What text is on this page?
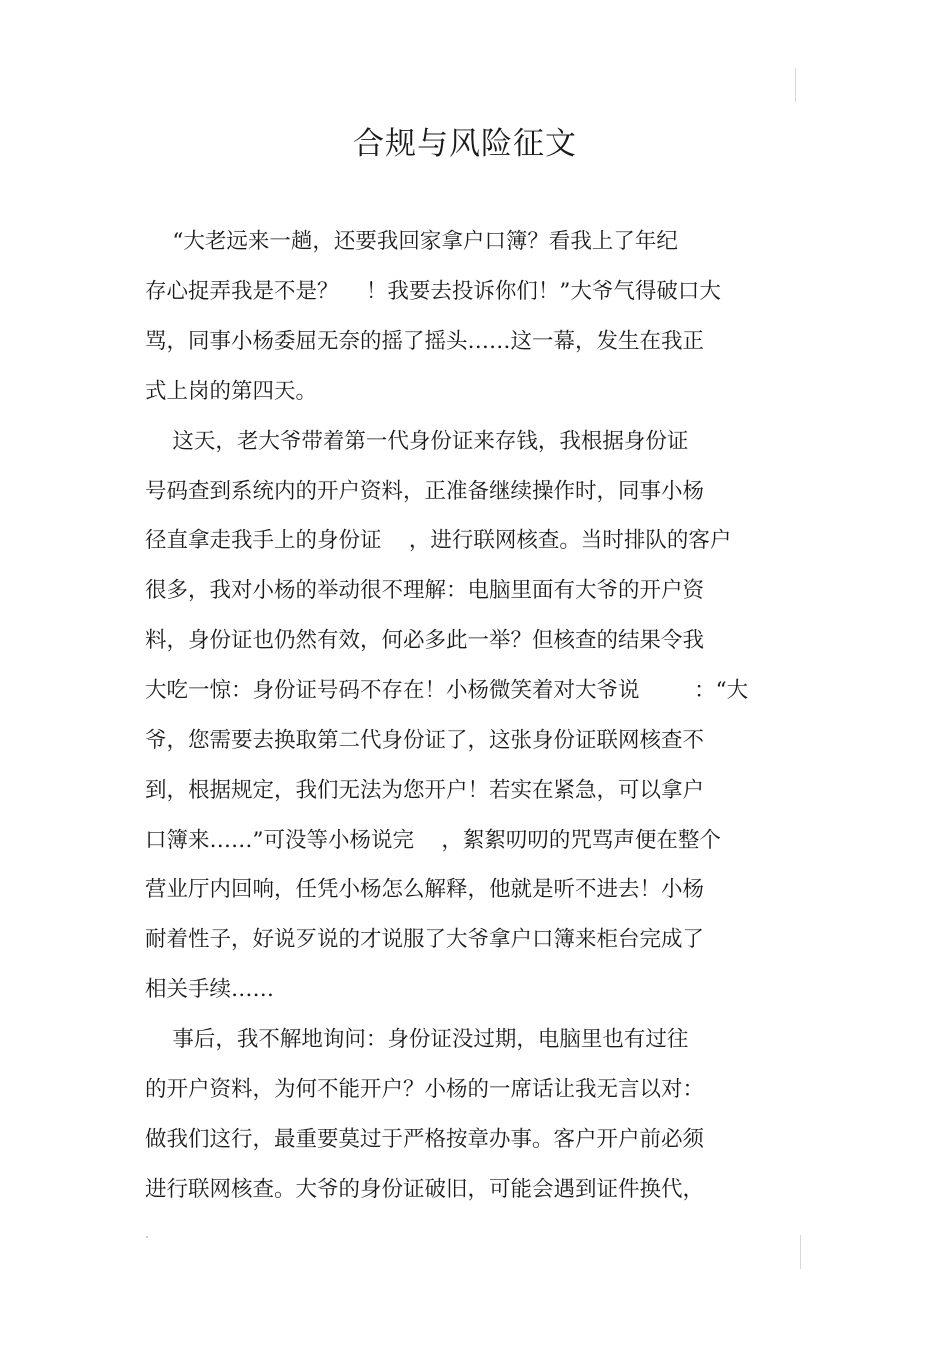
合规与风险征文
“大老远来一趟，还要我回家拿户口簿？看我上了年纪
存心捉弄我是不是？    ！我要去投诉你们！”大爷气得破口大
骂，同事小杨委屈无奈的摇了摇头……这一幕，发生在我正
式上岗的第四天。
这天，老大爷带着第一代身份证来存钱，我根据身份证
号码查到系统内的开户资料，正准备继续操作时，同事小杨
径直拿走我手上的身份证    ，进行联网核查。当时排队的客户
很多，我对小杨的举动很不理解：电脑里面有大爷的开户资
料，身份证也仍然有效，何必多此一举？但核查的结果令我
大吃一惊：身份证号码不存在！小杨微笑着对大爷说        ：“大
爷，您需要去换取第二代身份证了，这张身份证联网核查不
到，根据规定，我们无法为您开户！若实在紧急，可以拿户
口簿来……”可没等小杨说完    ，絮絮叨叨的咒骂声便在整个
营业厅内回响，任凭小杨怎么解释，他就是听不进去！小杨
耐着性子，好说歹说的才说服了大爷拿户口簿来柜台完成了
相关手续……
事后，我不解地询问：身份证没过期，电脑里也有过往
的开户资料，为何不能开户？小杨的一席话让我无言以对：
做我们这行，最重要莫过于严格按章办事。客户开户前必须
进行联网核查。大爷的身份证破旧，可能会遇到证件换代，
